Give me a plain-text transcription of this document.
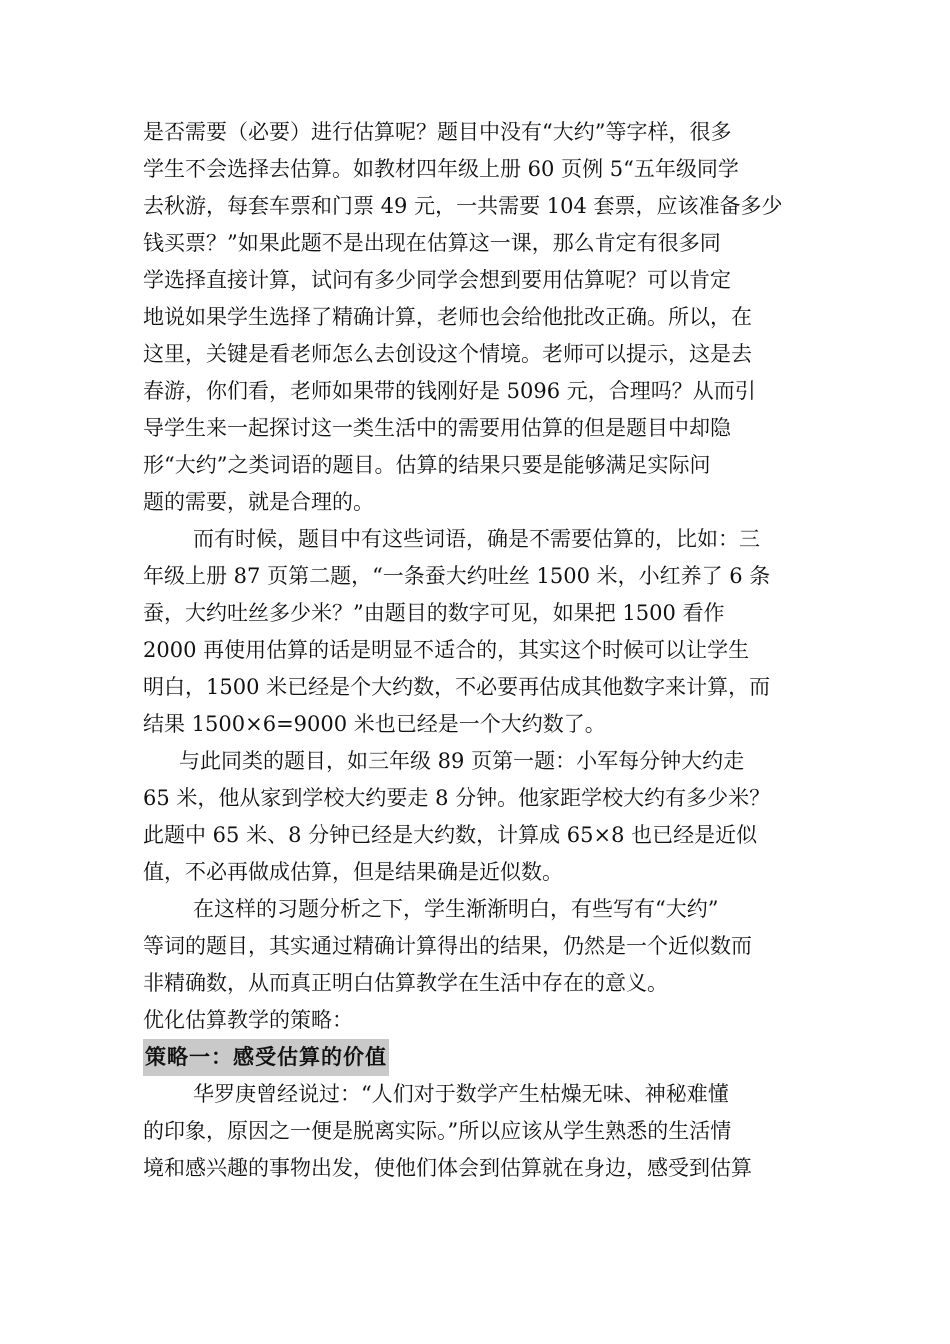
是否需要（必要）进行估算呢？题目中没有“大约”等字样，很多
学生不会选择去估算。如教材四年级上册 60 页例 5“五年级同学
去秋游，每套车票和门票 49 元，一共需要 104 套票，应该准备多少
钱买票？”如果此题不是出现在估算这一课，那么肯定有很多同
学选择直接计算，试问有多少同学会想到要用估算呢？可以肯定
地说如果学生选择了精确计算，老师也会给他批改正确。所以，在
这里，关键是看老师怎么去创设这个情境。老师可以提示，这是去
春游，你们看，老师如果带的钱刚好是 5096 元，合理吗？从而引
导学生来一起探讨这一类生活中的需要用估算的但是题目中却隐
形“大约”之类词语的题目。估算的结果只要是能够满足实际问
题的需要，就是合理的。
而有时候，题目中有这些词语，确是不需要估算的，比如：三
年级上册 87 页第二题，“一条蚕大约吐丝 1500 米，小红养了 6 条
蚕，大约吐丝多少米？”由题目的数字可见，如果把 1500 看作
2000 再使用估算的话是明显不适合的，其实这个时候可以让学生
明白，1500 米已经是个大约数，不必要再估成其他数字来计算，而
结果 1500×6=9000 米也已经是一个大约数了。
与此同类的题目，如三年级 89 页第一题：小军每分钟大约走
65 米，他从家到学校大约要走 8 分钟。他家距学校大约有多少米？
此题中 65 米、8 分钟已经是大约数，计算成 65×8 也已经是近似
值，不必再做成估算，但是结果确是近似数。
在这样的习题分析之下，学生渐渐明白，有些写有“大约”
等词的题目，其实通过精确计算得出的结果，仍然是一个近似数而
非精确数，从而真正明白估算教学在生活中存在的意义。
优化估算教学的策略：
策略一：感受估算的价值
华罗庚曾经说过：“人们对于数学产生枯燥无味、神秘难懂
的印象，原因之一便是脱离实际。”所以应该从学生熟悉的生活情
境和感兴趣的事物出发，使他们体会到估算就在身边，感受到估算
